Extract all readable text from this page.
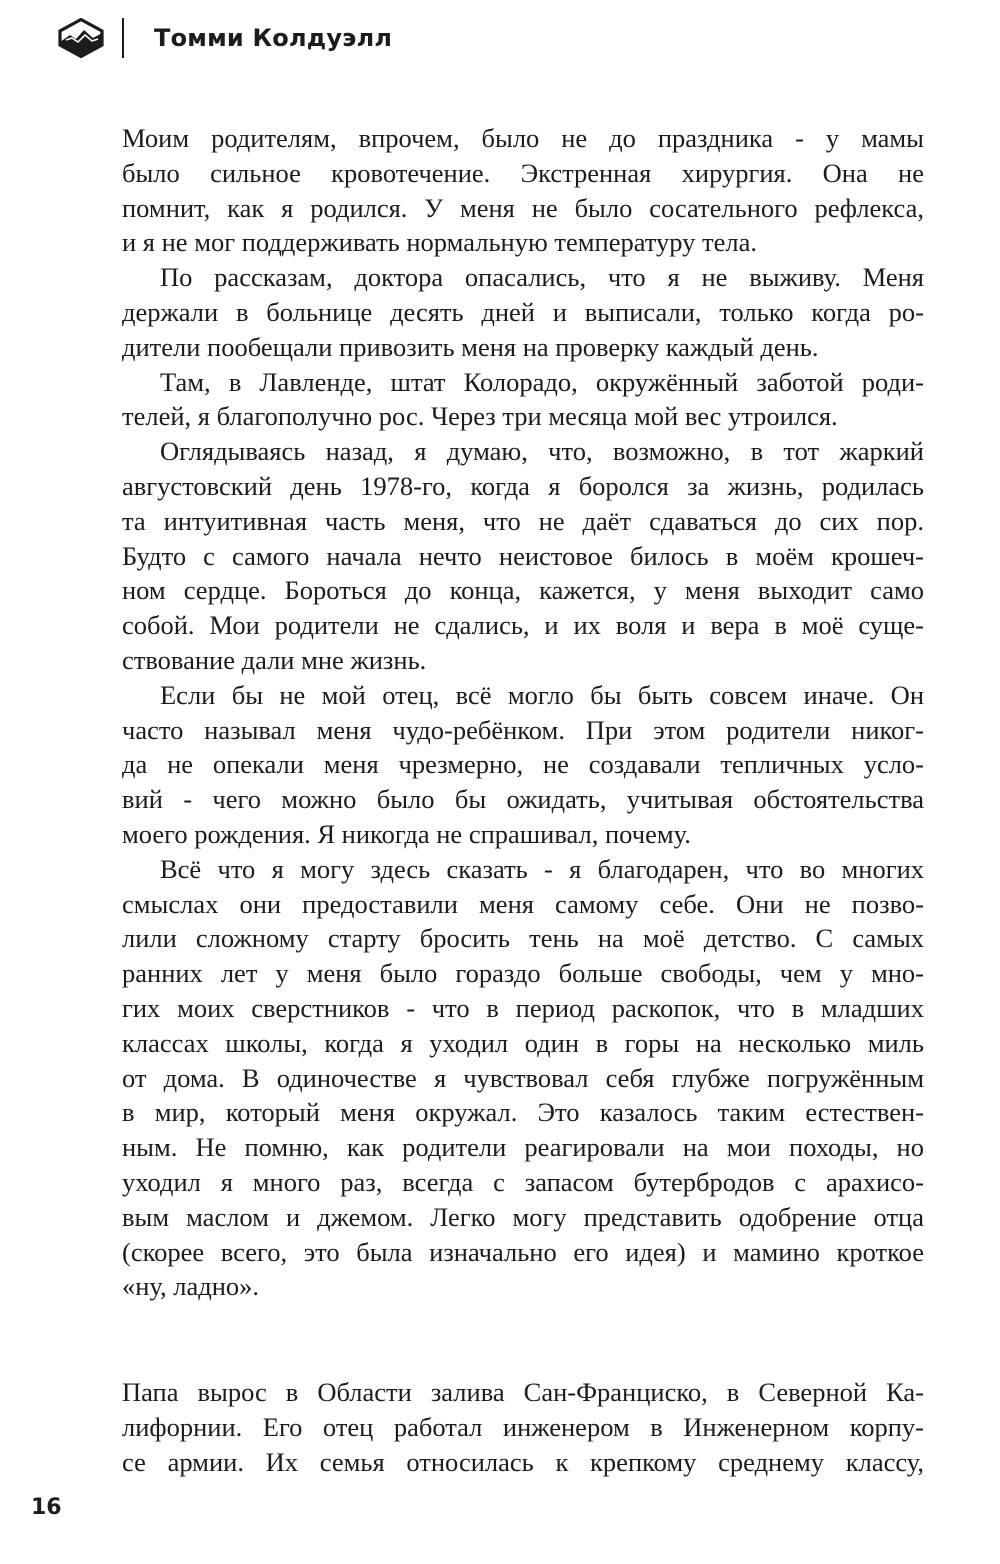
Томми Колдуэлл
Моим родителям, впрочем, было не до праздника - у мамы
было сильное кровотечение. Экстренная хирургия. Она не
помнит, как я родился. У меня не было сосательного рефлекса,
и я не мог поддерживать нормальную температуру тела.
По рассказам, доктора опасались, что я не выживу. Меня
держали в больнице десять дней и выписали, только когда ро-
дители пообещали привозить меня на проверку каждый день.
Там, в Лавленде, штат Колорадо, окружённый заботой роди-
телей, я благополучно рос. Через три месяца мой вес утроился.
Оглядываясь назад, я думаю, что, возможно, в тот жаркий
августовский день 1978-го, когда я боролся за жизнь, родилась
та интуитивная часть меня, что не даёт сдаваться до сих пор.
Будто с самого начала нечто неистовое билось в моём крошеч-
ном сердце. Бороться до конца, кажется, у меня выходит само
собой. Мои родители не сдались, и их воля и вера в моё суще-
ствование дали мне жизнь.
Если бы не мой отец, всё могло бы быть совсем иначе. Он
часто называл меня чудо-ребёнком. При этом родители никог-
да не опекали меня чрезмерно, не создавали тепличных усло-
вий - чего можно было бы ожидать, учитывая обстоятельства
моего рождения. Я никогда не спрашивал, почему.
Всё что я могу здесь сказать - я благодарен, что во многих
смыслах они предоставили меня самому себе. Они не позво-
лили сложному старту бросить тень на моё детство. С самых
ранних лет у меня было гораздо больше свободы, чем у мно-
гих моих сверстников - что в период раскопок, что в младших
классах школы, когда я уходил один в горы на несколько миль
от дома. В одиночестве я чувствовал себя глубже погружённым
в мир, который меня окружал. Это казалось таким естествен-
ным. Не помню, как родители реагировали на мои походы, но
уходил я много раз, всегда с запасом бутербродов с арахисо-
вым маслом и джемом. Легко могу представить одобрение отца
(скорее всего, это была изначально его идея) и мамино кроткое
«ну, ладно».
Папа вырос в Области залива Сан-Франциско, в Северной Ка-
лифорнии. Его отец работал инженером в Инженерном корпу-
се армии. Их семья относилась к крепкому среднему классу,
16
